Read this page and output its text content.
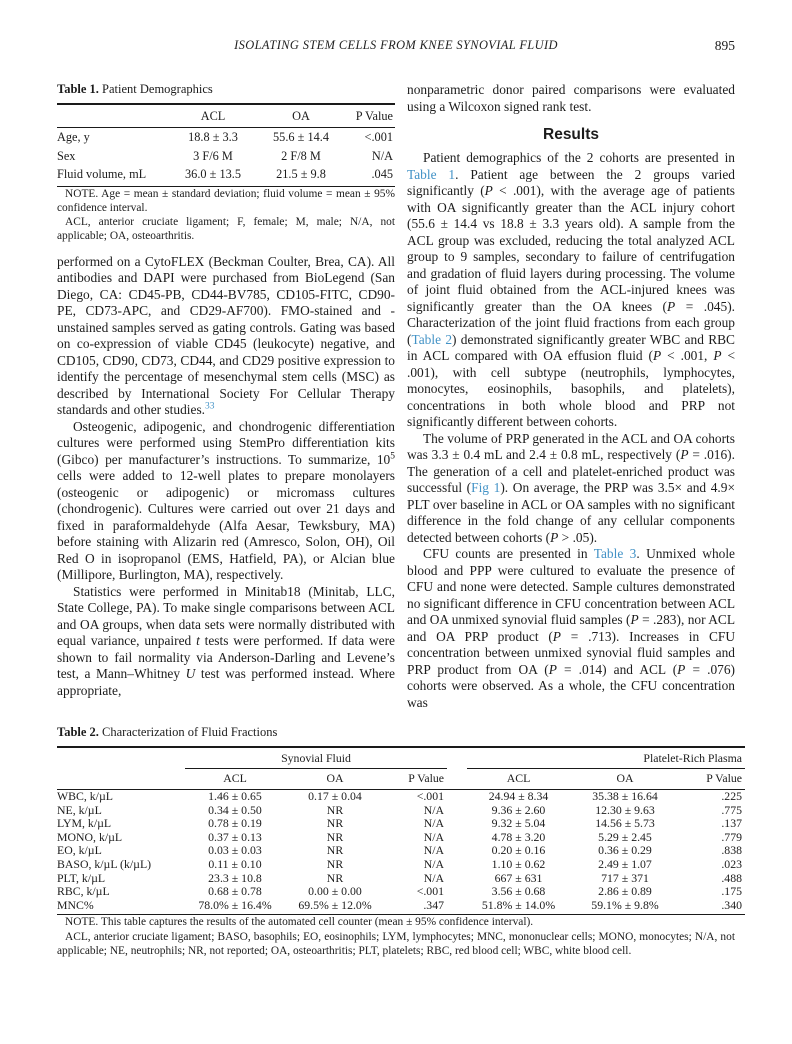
ISOLATING STEM CELLS FROM KNEE SYNOVIAL FLUID	895

Table 1. Patient Demographics

	ACL	OA	P Value
Age, y	18.8 ± 3.3	55.6 ± 14.4	<.001
Sex	3 F/6 M	2 F/8 M	N/A
Fluid volume, mL	36.0 ± 13.5	21.5 ± 9.8	.045

NOTE. Age = mean ± standard deviation; fluid volume = mean ± 95% confidence interval.

ACL, anterior cruciate ligament; F, female; M, male; N/A, not applicable; OA, osteoarthritis.

performed on a CytoFLEX (Beckman Coulter, Brea, CA). All antibodies and DAPI were purchased from BioLegend (San Diego, CA: CD45-PB, CD44-BV785, CD105-FITC, CD90-PE, CD73-APC, and CD29-AF700). FMO-stained and -unstained samples served as gating controls. Gating was based on co-expression of viable CD45 (leukocyte) negative, and CD105, CD90, CD73, CD44, and CD29 positive expression to identify the percentage of mesenchymal stem cells (MSC) as described by International Society For Cellular Therapy standards and other studies.$^{33}$

Osteogenic, adipogenic, and chondrogenic differentiation cultures were performed using StemPro differentiation kits (Gibco) per manufacturer’s instructions. To summarize, $10^5$ cells were added to 12-well plates to prepare monolayers (osteogenic or adipogenic) or micromass cultures (chondrogenic). Cultures were carried out over 21 days and fixed in paraformaldehyde (Alfa Aesar, Tewksbury, MA) before staining with Alizarin red (Amresco, Solon, OH), Oil Red O in isopropanol (EMS, Hatfield, PA), or Alcian blue (Millipore, Burlington, MA), respectively.

Statistics were performed in Minitab18 (Minitab, LLC, State College, PA). To make single comparisons between ACL and OA groups, when data sets were normally distributed with equal variance, unpaired t tests were performed. If data were shown to fail normality via Anderson-Darling and Levene’s test, a Mann–Whitney U test was performed instead. Where appropriate,

nonparametric donor paired comparisons were evaluated using a Wilcoxon signed rank test.

Results

Patient demographics of the 2 cohorts are presented in Table 1. Patient age between the 2 groups varied significantly (P < .001), with the average age of patients with OA significantly greater than the ACL injury cohort (55.6 ± 14.4 vs 18.8 ± 3.3 years old). A sample from the ACL group was excluded, reducing the total analyzed ACL group to 9 samples, secondary to failure of centrifugation and gradation of fluid layers during processing. The volume of joint fluid obtained from the ACL-injured knees was significantly greater than the OA knees (P = .045). Characterization of the joint fluid fractions from each group (Table 2) demonstrated significantly greater WBC and RBC in ACL compared with OA effusion fluid (P < .001, P < .001), with cell subtype (neutrophils, lymphocytes, monocytes, eosinophils, basophils, and platelets), concentrations in both whole blood and PRP not significantly different between cohorts.

The volume of PRP generated in the ACL and OA cohorts was 3.3 ± 0.4 mL and 2.4 ± 0.8 mL, respectively (P = .016). The generation of a cell and platelet-enriched product was successful (Fig 1). On average, the PRP was 3.5× and 4.9× PLT over baseline in ACL or OA samples with no significant difference in the fold change of any cellular components detected between cohorts (P > .05).

CFU counts are presented in Table 3. Unmixed whole blood and PPP were cultured to evaluate the presence of CFU and none were detected. Sample cultures demonstrated no significant difference in CFU concentration between ACL and OA unmixed synovial fluid samples (P = .283), nor ACL and OA PRP product (P = .713). Increases in CFU concentration between unmixed synovial fluid samples and PRP product from OA (P = .014) and ACL (P = .076) cohorts were observed. As a whole, the CFU concentration was

Table 2. Characterization of Fluid Fractions

	Synovial Fluid				Platelet-Rich Plasma		
	ACL	OA	P Value		ACL	OA	P Value
WBC, k/µL	1.46 ± 0.65	0.17 ± 0.04	<.001		24.94 ± 8.34	35.38 ± 16.64	.225
NE, k/µL	0.34 ± 0.50	NR	N/A		9.36 ± 2.60	12.30 ± 9.63	.775
LYM, k/µL	0.78 ± 0.19	NR	N/A		9.32 ± 5.04	14.56 ± 5.73	.137
MONO, k/µL	0.37 ± 0.13	NR	N/A		4.78 ± 3.20	5.29 ± 2.45	.779
EO, k/µL	0.03 ± 0.03	NR	N/A		0.20 ± 0.16	0.36 ± 0.29	.838
BASO, k/µL (k/µL)	0.11 ± 0.10	NR	N/A		1.10 ± 0.62	2.49 ± 1.07	.023
PLT, k/µL	23.3 ± 10.8	NR	N/A		667 ± 631	717 ± 371	.488
RBC, k/µL	0.68 ± 0.78	0.00 ± 0.00	<.001		3.56 ± 0.68	2.86 ± 0.89	.175
MNC%	78.0% ± 16.4%	69.5% ± 12.0%	.347		51.8% ± 14.0%	59.1% ± 9.8%	.340

NOTE. This table captures the results of the automated cell counter (mean ± 95% confidence interval).

ACL, anterior cruciate ligament; BASO, basophils; EO, eosinophils; LYM, lymphocytes; MNC, mononuclear cells; MONO, monocytes; N/A, not applicable; NE, neutrophils; NR, not reported; OA, osteoarthritis; PLT, platelets; RBC, red blood cell; WBC, white blood cell.
